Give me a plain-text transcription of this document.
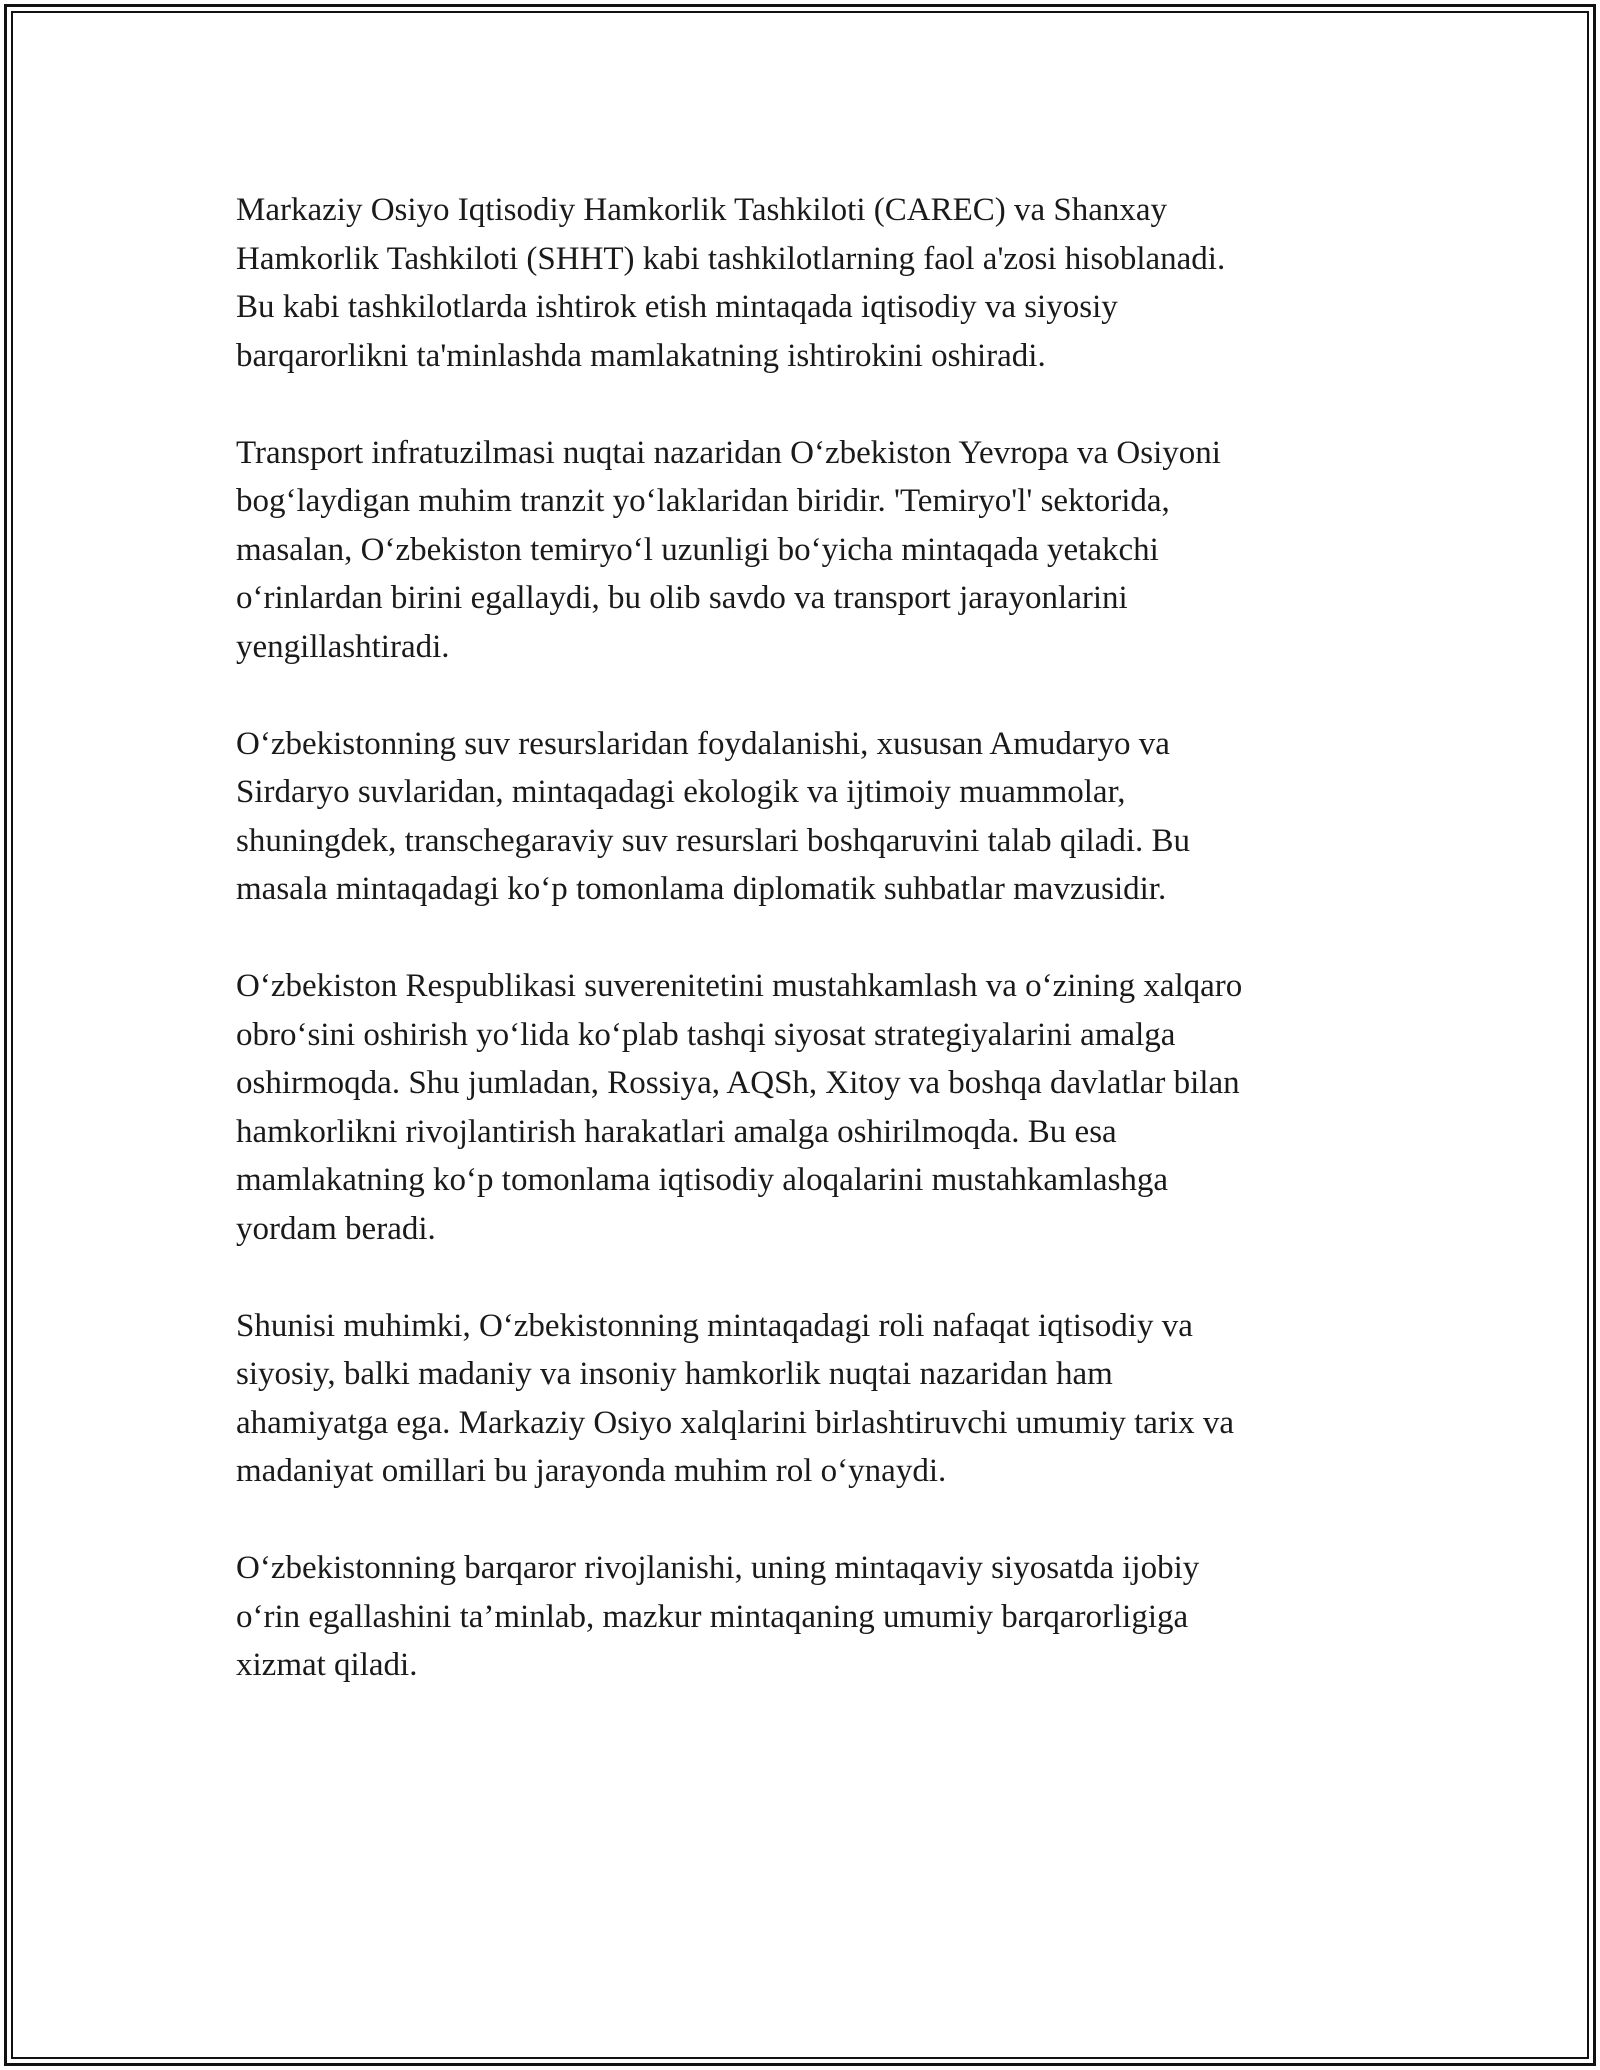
Markaziy Osiyo Iqtisodiy Hamkorlik Tashkiloti (CAREC) va Shanxay
Hamkorlik Tashkiloti (SHHT) kabi tashkilotlarning faol a'zosi hisoblanadi.
Bu kabi tashkilotlarda ishtirok etish mintaqada iqtisodiy va siyosiy
barqarorlikni ta'minlashda mamlakatning ishtirokini oshiradi.

Transport infratuzilmasi nuqtai nazaridan O‘zbekiston Yevropa va Osiyoni
bog‘laydigan muhim tranzit yo‘laklaridan biridir. 'Temiryo'l' sektorida,
masalan, O‘zbekiston temiryo‘l uzunligi bo‘yicha mintaqada yetakchi
o‘rinlardan birini egallaydi, bu olib savdo va transport jarayonlarini
yengillashtiradi.

O‘zbekistonning suv resurslaridan foydalanishi, xususan Amudaryo va
Sirdaryo suvlaridan, mintaqadagi ekologik va ijtimoiy muammolar,
shuningdek, transchegaraviy suv resurslari boshqaruvini talab qiladi. Bu
masala mintaqadagi ko‘p tomonlama diplomatik suhbatlar mavzusidir.

O‘zbekiston Respublikasi suverenitetini mustahkamlash va o‘zining xalqaro
obro‘sini oshirish yo‘lida ko‘plab tashqi siyosat strategiyalarini amalga
oshirmoqda. Shu jumladan, Rossiya, AQSh, Xitoy va boshqa davlatlar bilan
hamkorlikni rivojlantirish harakatlari amalga oshirilmoqda. Bu esa
mamlakatning ko‘p tomonlama iqtisodiy aloqalarini mustahkamlashga
yordam beradi.

Shunisi muhimki, O‘zbekistonning mintaqadagi roli nafaqat iqtisodiy va
siyosiy, balki madaniy va insoniy hamkorlik nuqtai nazaridan ham
ahamiyatga ega. Markaziy Osiyo xalqlarini birlashtiruvchi umumiy tarix va
madaniyat omillari bu jarayonda muhim rol o‘ynaydi.

O‘zbekistonning barqaror rivojlanishi, uning mintaqaviy siyosatda ijobiy
o‘rin egallashini ta’minlab, mazkur mintaqaning umumiy barqarorligiga
xizmat qiladi.
